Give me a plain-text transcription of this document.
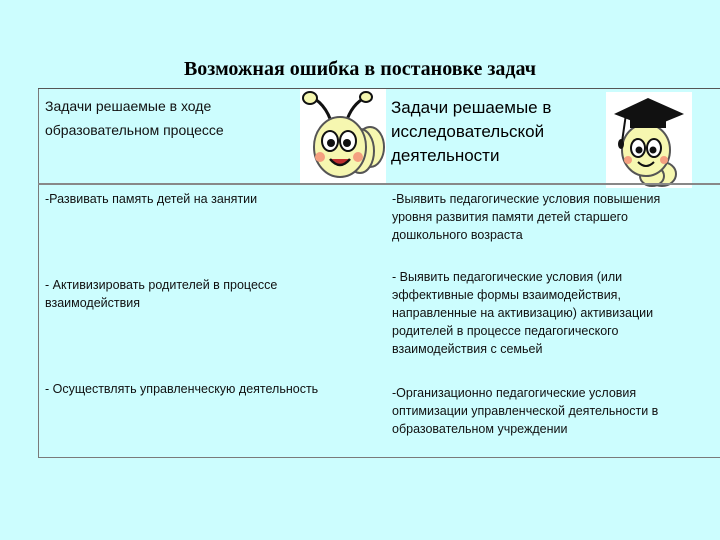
Возможная ошибка в постановке задач
Задачи решаемые в ходе образовательном процессе
Задачи решаемые в исследовательской деятельности
-Развивать память детей на занятии	-Выявить педагогические условия повышения уровня развития памяти детей старшего дошкольного возраста
- Активизировать родителей в процессе взаимодействия
- Выявить педагогические условия (или эффективные формы взаимодействия, направленные на активизацию) активизации родителей в процессе педагогического взаимодействия с семьей
- Осуществлять управленческую деятельность	-Организационно педагогические условия оптимизации управленческой деятельности в образовательном учреждении
